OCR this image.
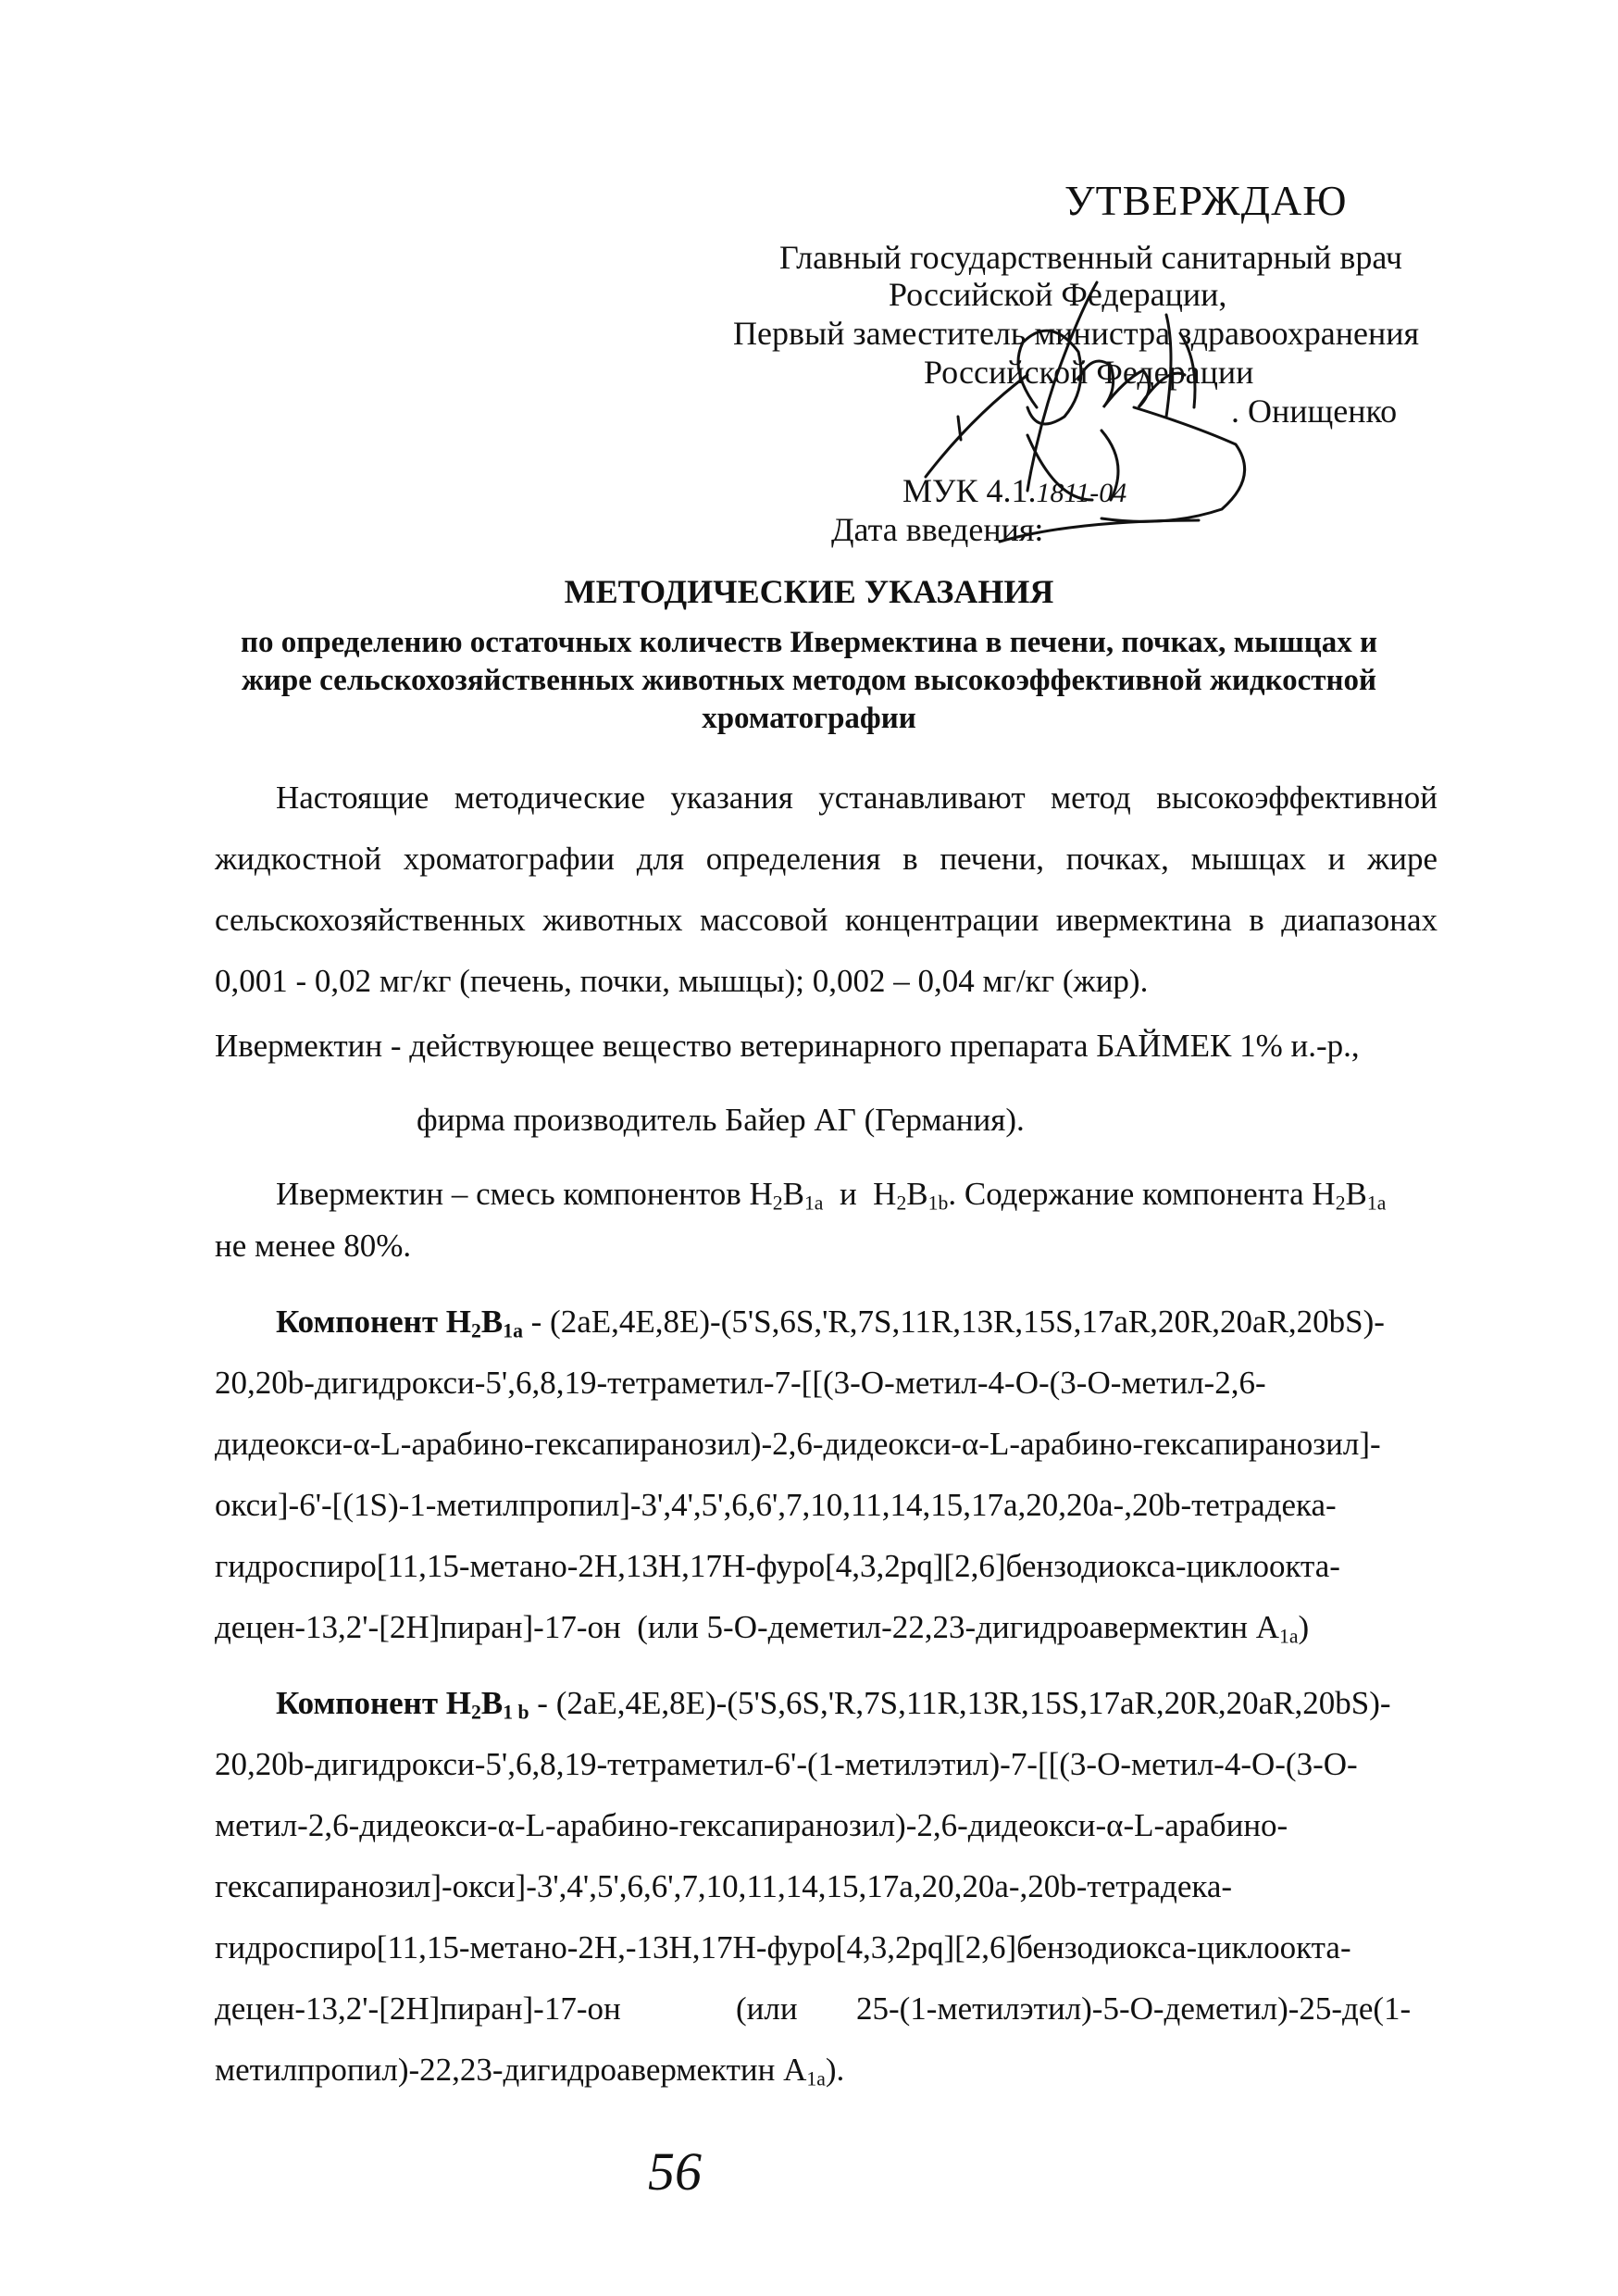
УТВЕРЖДАЮ
Главный государственный санитарный врач
Российской Федерации,
Первый заместитель министра здравоохранения
Российской Федерации
. Онищенко
МУК 4.1.1811-04
Дата введения:
МЕТОДИЧЕСКИЕ УКАЗАНИЯ
по определению остаточных количеств Ивермектина в печени, почках, мышцах и
жире сельскохозяйственных животных методом высокоэффективной жидкостной
хроматографии
Настоящие методические указания устанавливают метод высокоэффективной
жидкостной хроматографии для определения в печени, почках, мышцах и жире
сельскохозяйственных животных массовой концентрации ивермектина в диапазонах
0,001 - 0,02 мг/кг (печень, почки, мышцы); 0,002 – 0,04 мг/кг (жир).
Ивермектин - действующее вещество ветеринарного препарата БАЙМЕК 1% и.-р.,
фирма производитель Байер АГ (Германия).
Ивермектин – смесь компонентов $H_2B_{1a}$  и  $H_2B_{1b}$. Содержание компонента $H_2B_{1a}$
не менее 80%.
Компонент $H_2B_{1a} - (2aE,4E,8E)-(5'S,6S,'R,7S,11R,13R,15S,17aR,20R,20aR,20bS)-$
20,20b-дигидрокси-5',6,8,19-тетраметил-7-[[(3-O-метил-4-O-(3-O-метил-2,6-
дидеокси-α-L-арабино-гексапиранозил)-2,6-дидеокси-α-L-арабино-гексапиранозил]-
окси]-6'-[(1S)-1-метилпропил]-3',4',5',6,6',7,10,11,14,15,17a,20,20a-,20b-тетрадека-
гидроспиро[11,15-метано-2H,13H,17H-фуро[4,3,2pq][2,6]бензодиокса-циклоокта-
децен-13,2'-[2H]пиран]-17-он  (или 5-О-деметил-22,23-дигидроавермектин $A_{1a}$)
Компонент $H_2B_{1 b} - (2aE,4E,8E)-(5'S,6S,'R,7S,11R,13R,15S,17aR,20R,20aR,20bS)-$
20,20b-дигидрокси-5',6,8,19-тетраметил-6'-(1-метилэтил)-7-[[(3-O-метил-4-O-(3-O-
метил-2,6-дидеокси-α-L-арабино-гексапиранозил)-2,6-дидеокси-α-L-арабино-
гексапиранозил]-окси]-3',4',5',6,6',7,10,11,14,15,17a,20,20a-,20b-тетрадека-
гидроспиро[11,15-метано-2H,-13H,17H-фуро[4,3,2pq][2,6]бензодиокса-циклоокта-
децен-13,2'-[2H]пиран]-17-он	(или 25-(1-метилэтил)-5-O-деметил)-25-де(1-
метилпропил)-22,23-дигидроавермектин $A_{1a}$).
56
